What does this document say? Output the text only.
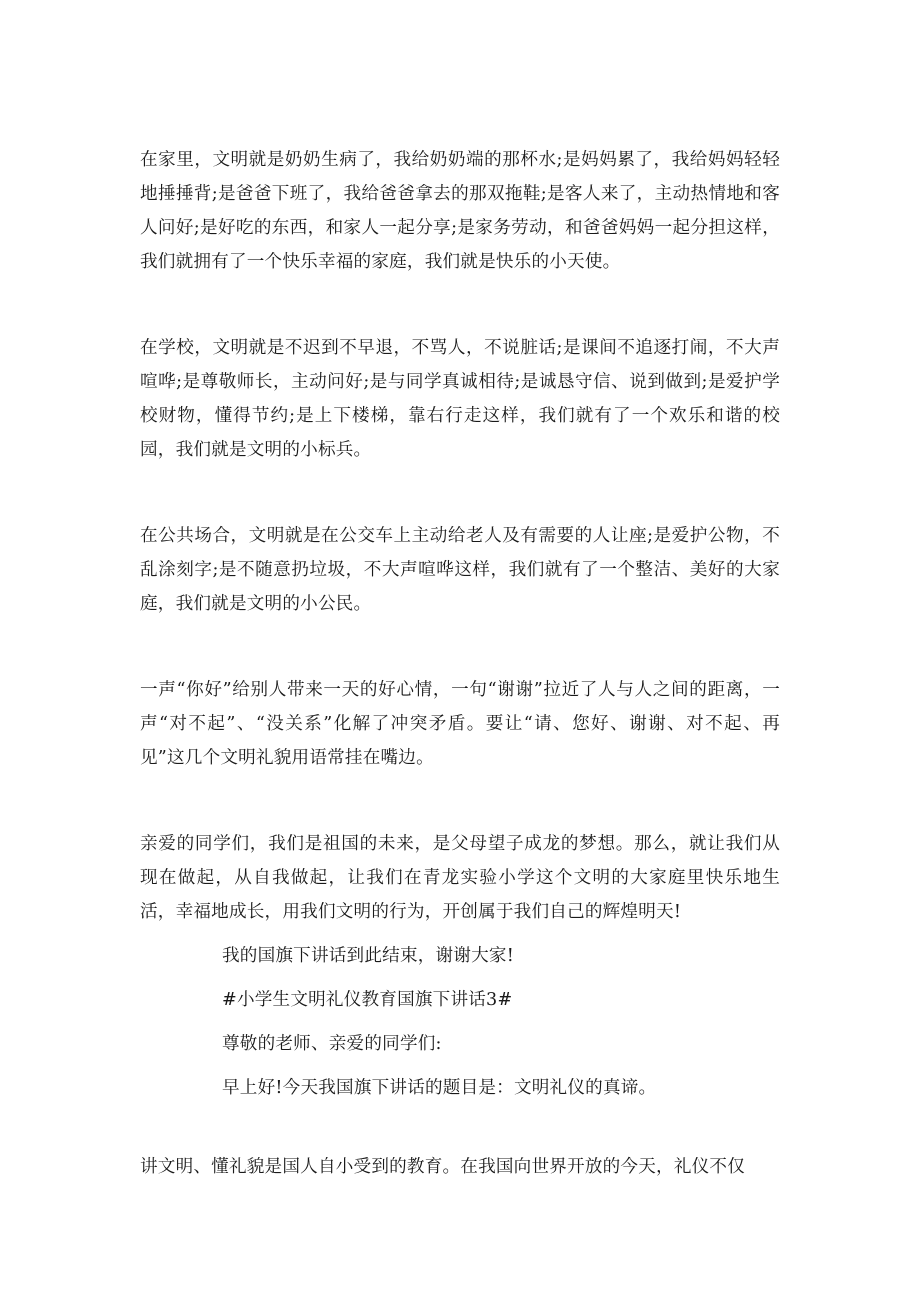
在家里，文明就是奶奶生病了，我给奶奶端的那杯水;是妈妈累了，我给妈妈轻轻地捶捶背;是爸爸下班了，我给爸爸拿去的那双拖鞋;是客人来了，主动热情地和客人问好;是好吃的东西，和家人一起分享;是家务劳动，和爸爸妈妈一起分担这样，我们就拥有了一个快乐幸福的家庭，我们就是快乐的小天使。

在学校，文明就是不迟到不早退，不骂人，不说脏话;是课间不追逐打闹，不大声喧哗;是尊敬师长，主动问好;是与同学真诚相待;是诚恳守信、说到做到;是爱护学校财物，懂得节约;是上下楼梯，靠右行走这样，我们就有了一个欢乐和谐的校园，我们就是文明的小标兵。

在公共场合，文明就是在公交车上主动给老人及有需要的人让座;是爱护公物，不乱涂刻字;是不随意扔垃圾，不大声喧哗这样，我们就有了一个整洁、美好的大家庭，我们就是文明的小公民。

一声“你好”给别人带来一天的好心情，一句“谢谢”拉近了人与人之间的距离，一声“对不起”、“没关系”化解了冲突矛盾。要让“请、您好、谢谢、对不起、再见”这几个文明礼貌用语常挂在嘴边。

亲爱的同学们，我们是祖国的未来，是父母望子成龙的梦想。那么，就让我们从现在做起，从自我做起，让我们在青龙实验小学这个文明的大家庭里快乐地生活，幸福地成长，用我们文明的行为，开创属于我们自己的辉煌明天!

我的国旗下讲话到此结束，谢谢大家!

#小学生文明礼仪教育国旗下讲话3#

尊敬的老师、亲爱的同学们:

早上好!今天我国旗下讲话的题目是：文明礼仪的真谛。

讲文明、懂礼貌是国人自小受到的教育。在我国向世界开放的今天，礼仪不仅
